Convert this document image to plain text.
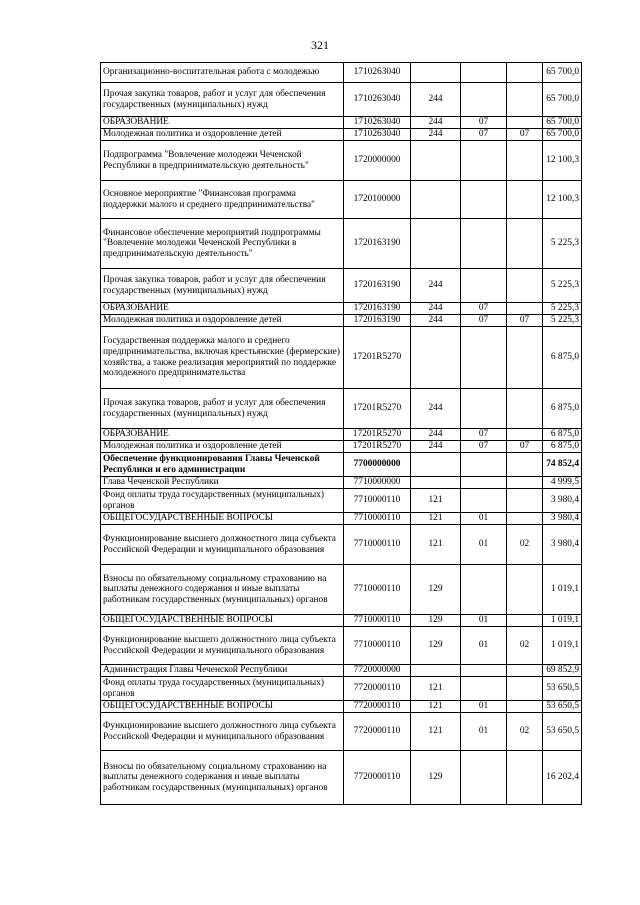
321
Организационно-воспитательная работа с молодежью	1710263040				65 700,0
Прочая закупка товаров, работ и услуг для обеспечения государственных (муниципальных) нужд	1710263040	244			65 700,0
ОБРАЗОВАНИЕ	1710263040	244	07		65 700,0
Молодежная политика и оздоровление детей	1710263040	244	07	07	65 700,0
Подпрограмма "Вовлечение молодежи Чеченской Республики в предпринимательскую деятельность"	1720000000				12 100,3
Основное мероприятие "Финансовая программа поддержки малого и среднего предпринимательства"	1720100000				12 100,3
Финансовое обеспечение мероприятий подпрограммы "Вовлечение молодежи Чеченской Республики в предпринимательскую деятельность"	1720163190				5 225,3
Прочая закупка товаров, работ и услуг для обеспечения государственных (муниципальных) нужд	1720163190	244			5 225,3
ОБРАЗОВАНИЕ	1720163190	244	07		5 225,3
Молодежная политика и оздоровление детей	1720163190	244	07	07	5 225,3
Государственная поддержка малого и среднего предпринимательства, включая крестьянские (фермерские) хозяйства, а также реализация мероприятий по поддержке молодежного предпринимательства	17201R5270				6 875,0
Прочая закупка товаров, работ и услуг для обеспечения государственных (муниципальных) нужд	17201R5270	244			6 875,0
ОБРАЗОВАНИЕ	17201R5270	244	07		6 875,0
Молодежная политика и оздоровление детей	17201R5270	244	07	07	6 875,0
Обеспечение функционирования Главы Чеченской Республики и его администрации	7700000000				74 852,4
Глава Чеченской Республики	7710000000				4 999,5
Фонд оплаты труда государственных (муниципальных) органов	7710000110	121			3 980,4
ОБЩЕГОСУДАРСТВЕННЫЕ ВОПРОСЫ	7710000110	121	01		3 980,4
Функционирование высшего должностного лица субъекта Российской Федерации и муниципального образования	7710000110	121	01	02	3 980,4
Взносы по обязательному социальному страхованию на выплаты денежного содержания и иные выплаты работникам государственных (муниципальных) органов	7710000110	129			1 019,1
ОБЩЕГОСУДАРСТВЕННЫЕ ВОПРОСЫ	7710000110	129	01		1 019,1
Функционирование высшего должностного лица субъекта Российской Федерации и муниципального образования	7710000110	129	01	02	1 019,1
Администрация Главы Чеченской Республики	7720000000				69 852,9
Фонд оплаты труда государственных (муниципальных) органов	7720000110	121			53 650,5
ОБЩЕГОСУДАРСТВЕННЫЕ ВОПРОСЫ	7720000110	121	01		53 650,5
Функционирование высшего должностного лица субъекта Российской Федерации и муниципального образования	7720000110	121	01	02	53 650,5
Взносы по обязательному социальному страхованию на выплаты денежного содержания и иные выплаты работникам государственных (муниципальных) органов	7720000110	129			16 202,4
